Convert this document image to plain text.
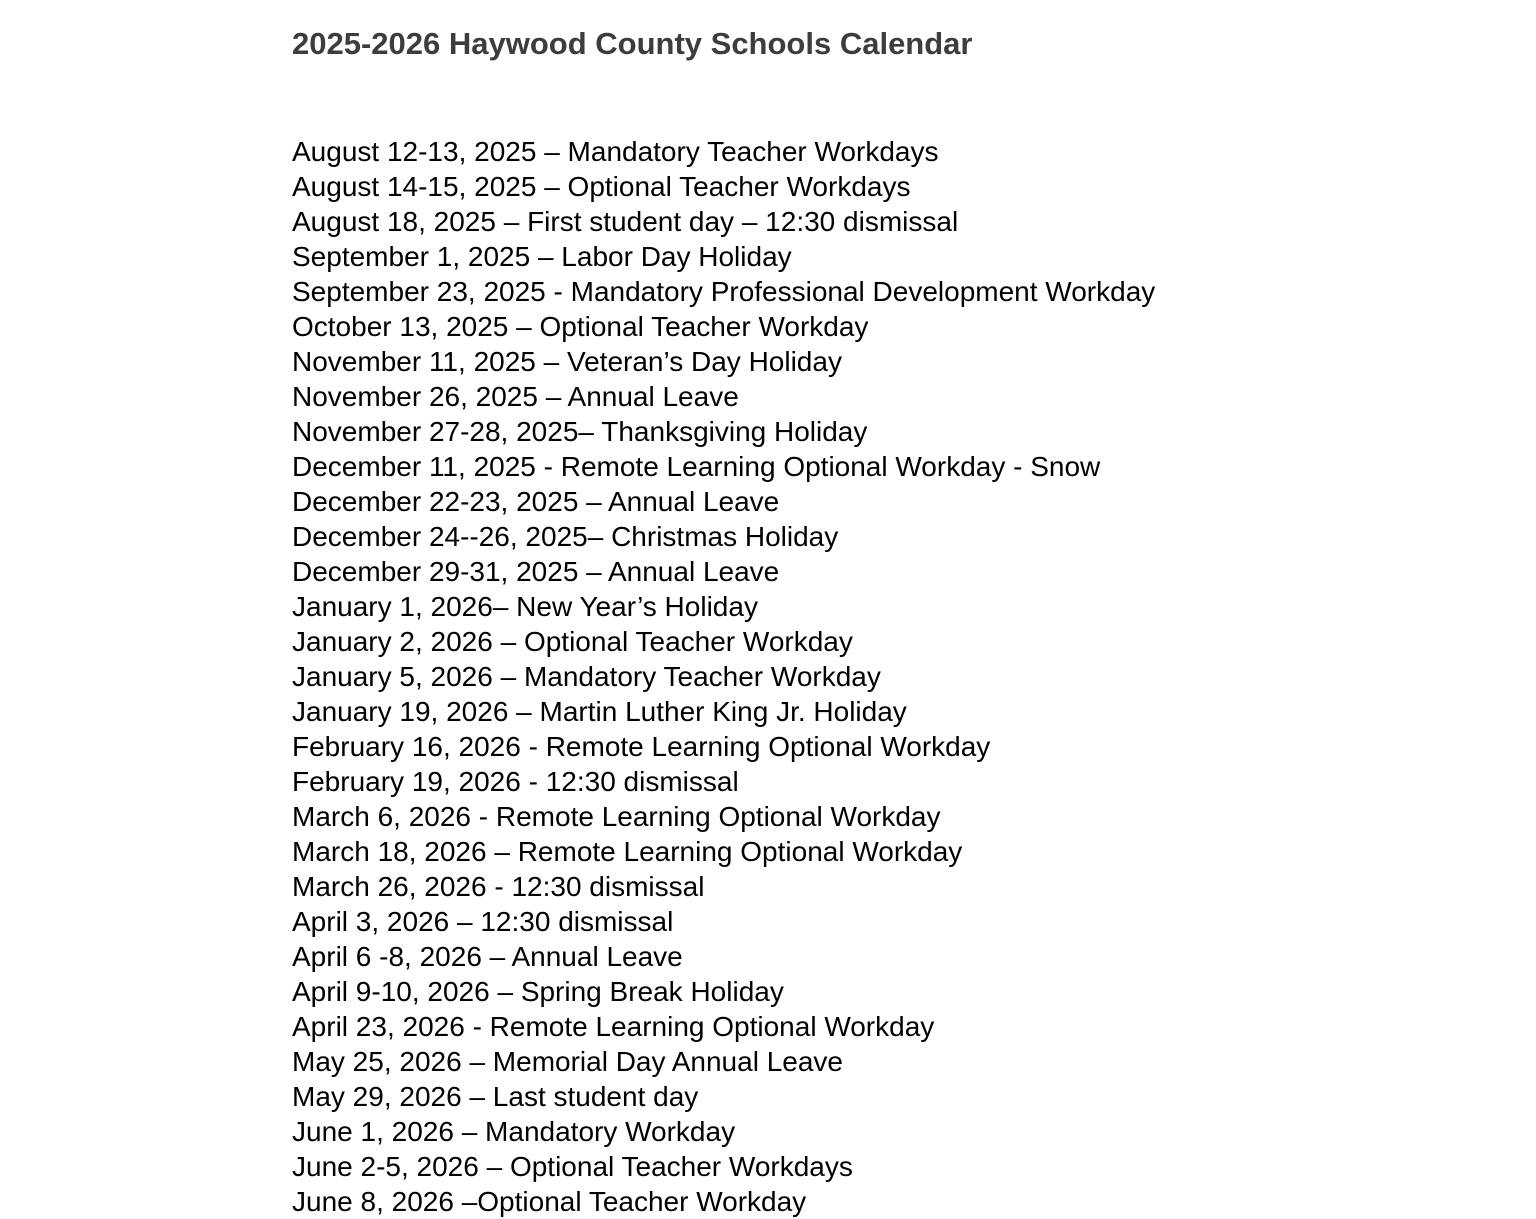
2025-2026 Haywood County Schools Calendar
August 12-13, 2025 – Mandatory Teacher Workdays
August 14-15, 2025 – Optional Teacher Workdays
August 18, 2025 – First student day – 12:30 dismissal
September 1, 2025 – Labor Day Holiday
September 23, 2025 - Mandatory Professional Development Workday
October 13, 2025 – Optional Teacher Workday
November 11, 2025 – Veteran’s Day Holiday
November 26, 2025 – Annual Leave
November 27-28, 2025– Thanksgiving Holiday
December 11, 2025 - Remote Learning Optional Workday - Snow
December 22-23, 2025 – Annual Leave
December 24--26, 2025– Christmas Holiday
December 29-31, 2025 – Annual Leave
January 1, 2026– New Year’s Holiday
January 2, 2026 – Optional Teacher Workday
January 5, 2026 – Mandatory Teacher Workday
January 19, 2026 – Martin Luther King Jr. Holiday
February 16, 2026 - Remote Learning Optional Workday
February 19, 2026 - 12:30 dismissal
March 6, 2026 - Remote Learning Optional Workday
March 18, 2026 – Remote Learning Optional Workday
March 26, 2026 - 12:30 dismissal
April 3, 2026 – 12:30 dismissal
April 6 -8, 2026 – Annual Leave
April 9-10, 2026 – Spring Break Holiday
April 23, 2026 - Remote Learning Optional Workday
May 25, 2026 – Memorial Day Annual Leave
May 29, 2026 – Last student day
June 1, 2026 – Mandatory Workday
June 2-5, 2026 – Optional Teacher Workdays
June 8, 2026 –Optional Teacher Workday
